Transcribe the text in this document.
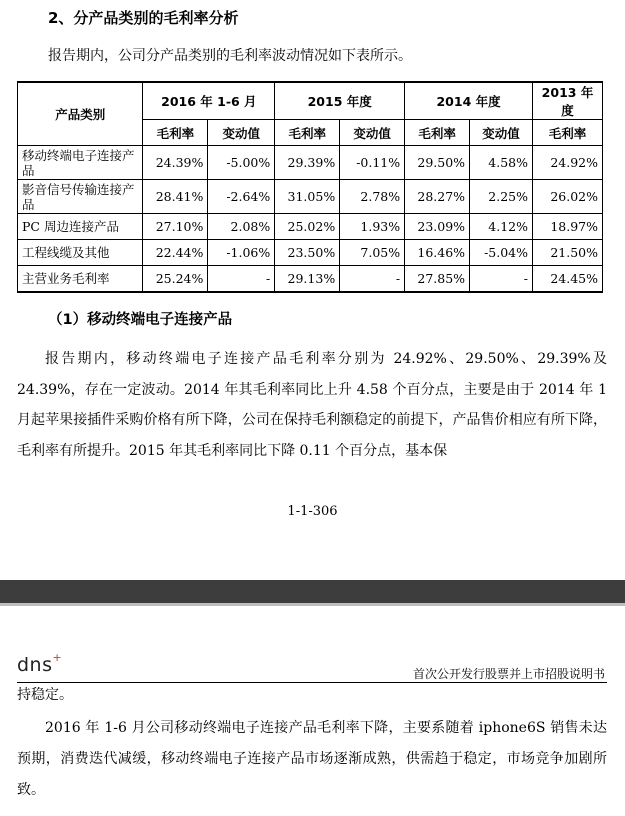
2、分产品类别的毛利率分析
报告期内，公司分产品类别的毛利率波动情况如下表所示。
产品类别	2016 年 1-6 月		2015 年度		2014 年度		2013 年度
	毛利率	变动值	毛利率	变动值	毛利率	变动值	毛利率
移动终端电子连接产品	24.39%	-5.00%	29.39%	-0.11%	29.50%	4.58%	24.92%
影音信号传输连接产品	28.41%	-2.64%	31.05%	2.78%	28.27%	2.25%	26.02%
PC 周边连接产品	27.10%	2.08%	25.02%	1.93%	23.09%	4.12%	18.97%
工程线缆及其他	22.44%	-1.06%	23.50%	7.05%	16.46%	-5.04%	21.50%
主营业务毛利率	25.24%	-	29.13%	-	27.85%	-	24.45%
（1）移动终端电子连接产品
报告期内，移动终端电子连接产品毛利率分别为 24.92%、29.50%、29.39%及 24.39%，存在一定波动。2014 年其毛利率同比上升 4.58 个百分点，主要是由于 2014 年 1 月起苹果接插件采购价格有所下降，公司在保持毛利额稳定的前提下，产品售价相应有所下降，毛利率有所提升。2015 年其毛利率同比下降 0.11 个百分点，基本保
1-1-306
dns+
首次公开发行股票并上市招股说明书
持稳定。
2016 年 1-6 月公司移动终端电子连接产品毛利率下降，主要系随着 iphone6S 销售未达预期，消费迭代减缓，移动终端电子连接产品市场逐渐成熟，供需趋于稳定，市场竞争加剧所致。
